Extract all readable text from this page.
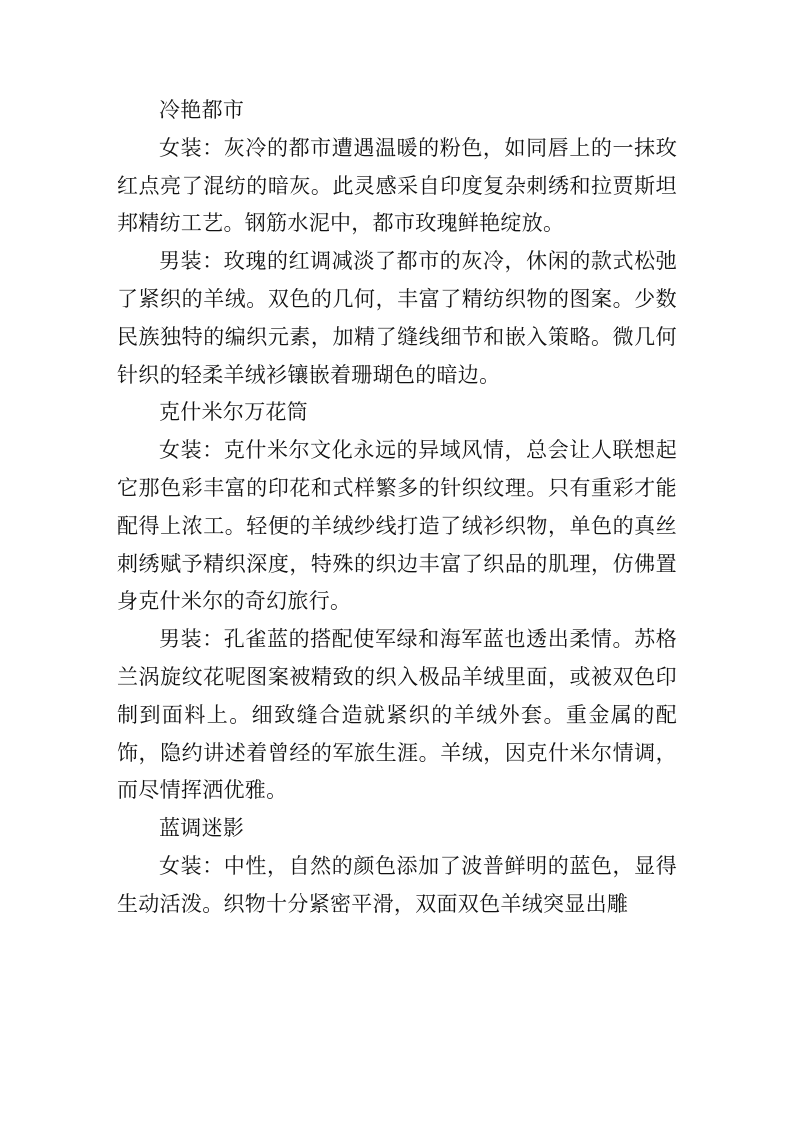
冷艳都市

女装：灰冷的都市遭遇温暖的粉色，如同唇上的一抹玫红点亮了混纺的暗灰。此灵感采自印度复杂刺绣和拉贾斯坦邦精纺工艺。钢筋水泥中，都市玫瑰鲜艳绽放。

男装：玫瑰的红调减淡了都市的灰冷，休闲的款式松弛了紧织的羊绒。双色的几何，丰富了精纺织物的图案。少数民族独特的编织元素，加精了缝线细节和嵌入策略。微几何针织的轻柔羊绒衫镶嵌着珊瑚色的暗边。

克什米尔万花筒

女装：克什米尔文化永远的异域风情，总会让人联想起它那色彩丰富的印花和式样繁多的针织纹理。只有重彩才能配得上浓工。轻便的羊绒纱线打造了绒衫织物，单色的真丝刺绣赋予精织深度，特殊的织边丰富了织品的肌理，仿佛置身克什米尔的奇幻旅行。

男装：孔雀蓝的搭配使军绿和海军蓝也透出柔情。苏格兰涡旋纹花呢图案被精致的织入极品羊绒里面，或被双色印制到面料上。细致缝合造就紧织的羊绒外套。重金属的配饰，隐约讲述着曾经的军旅生涯。羊绒，因克什米尔情调，而尽情挥洒优雅。

蓝调迷影

女装：中性，自然的颜色添加了波普鲜明的蓝色，显得生动活泼。织物十分紧密平滑，双面双色羊绒突显出雕
